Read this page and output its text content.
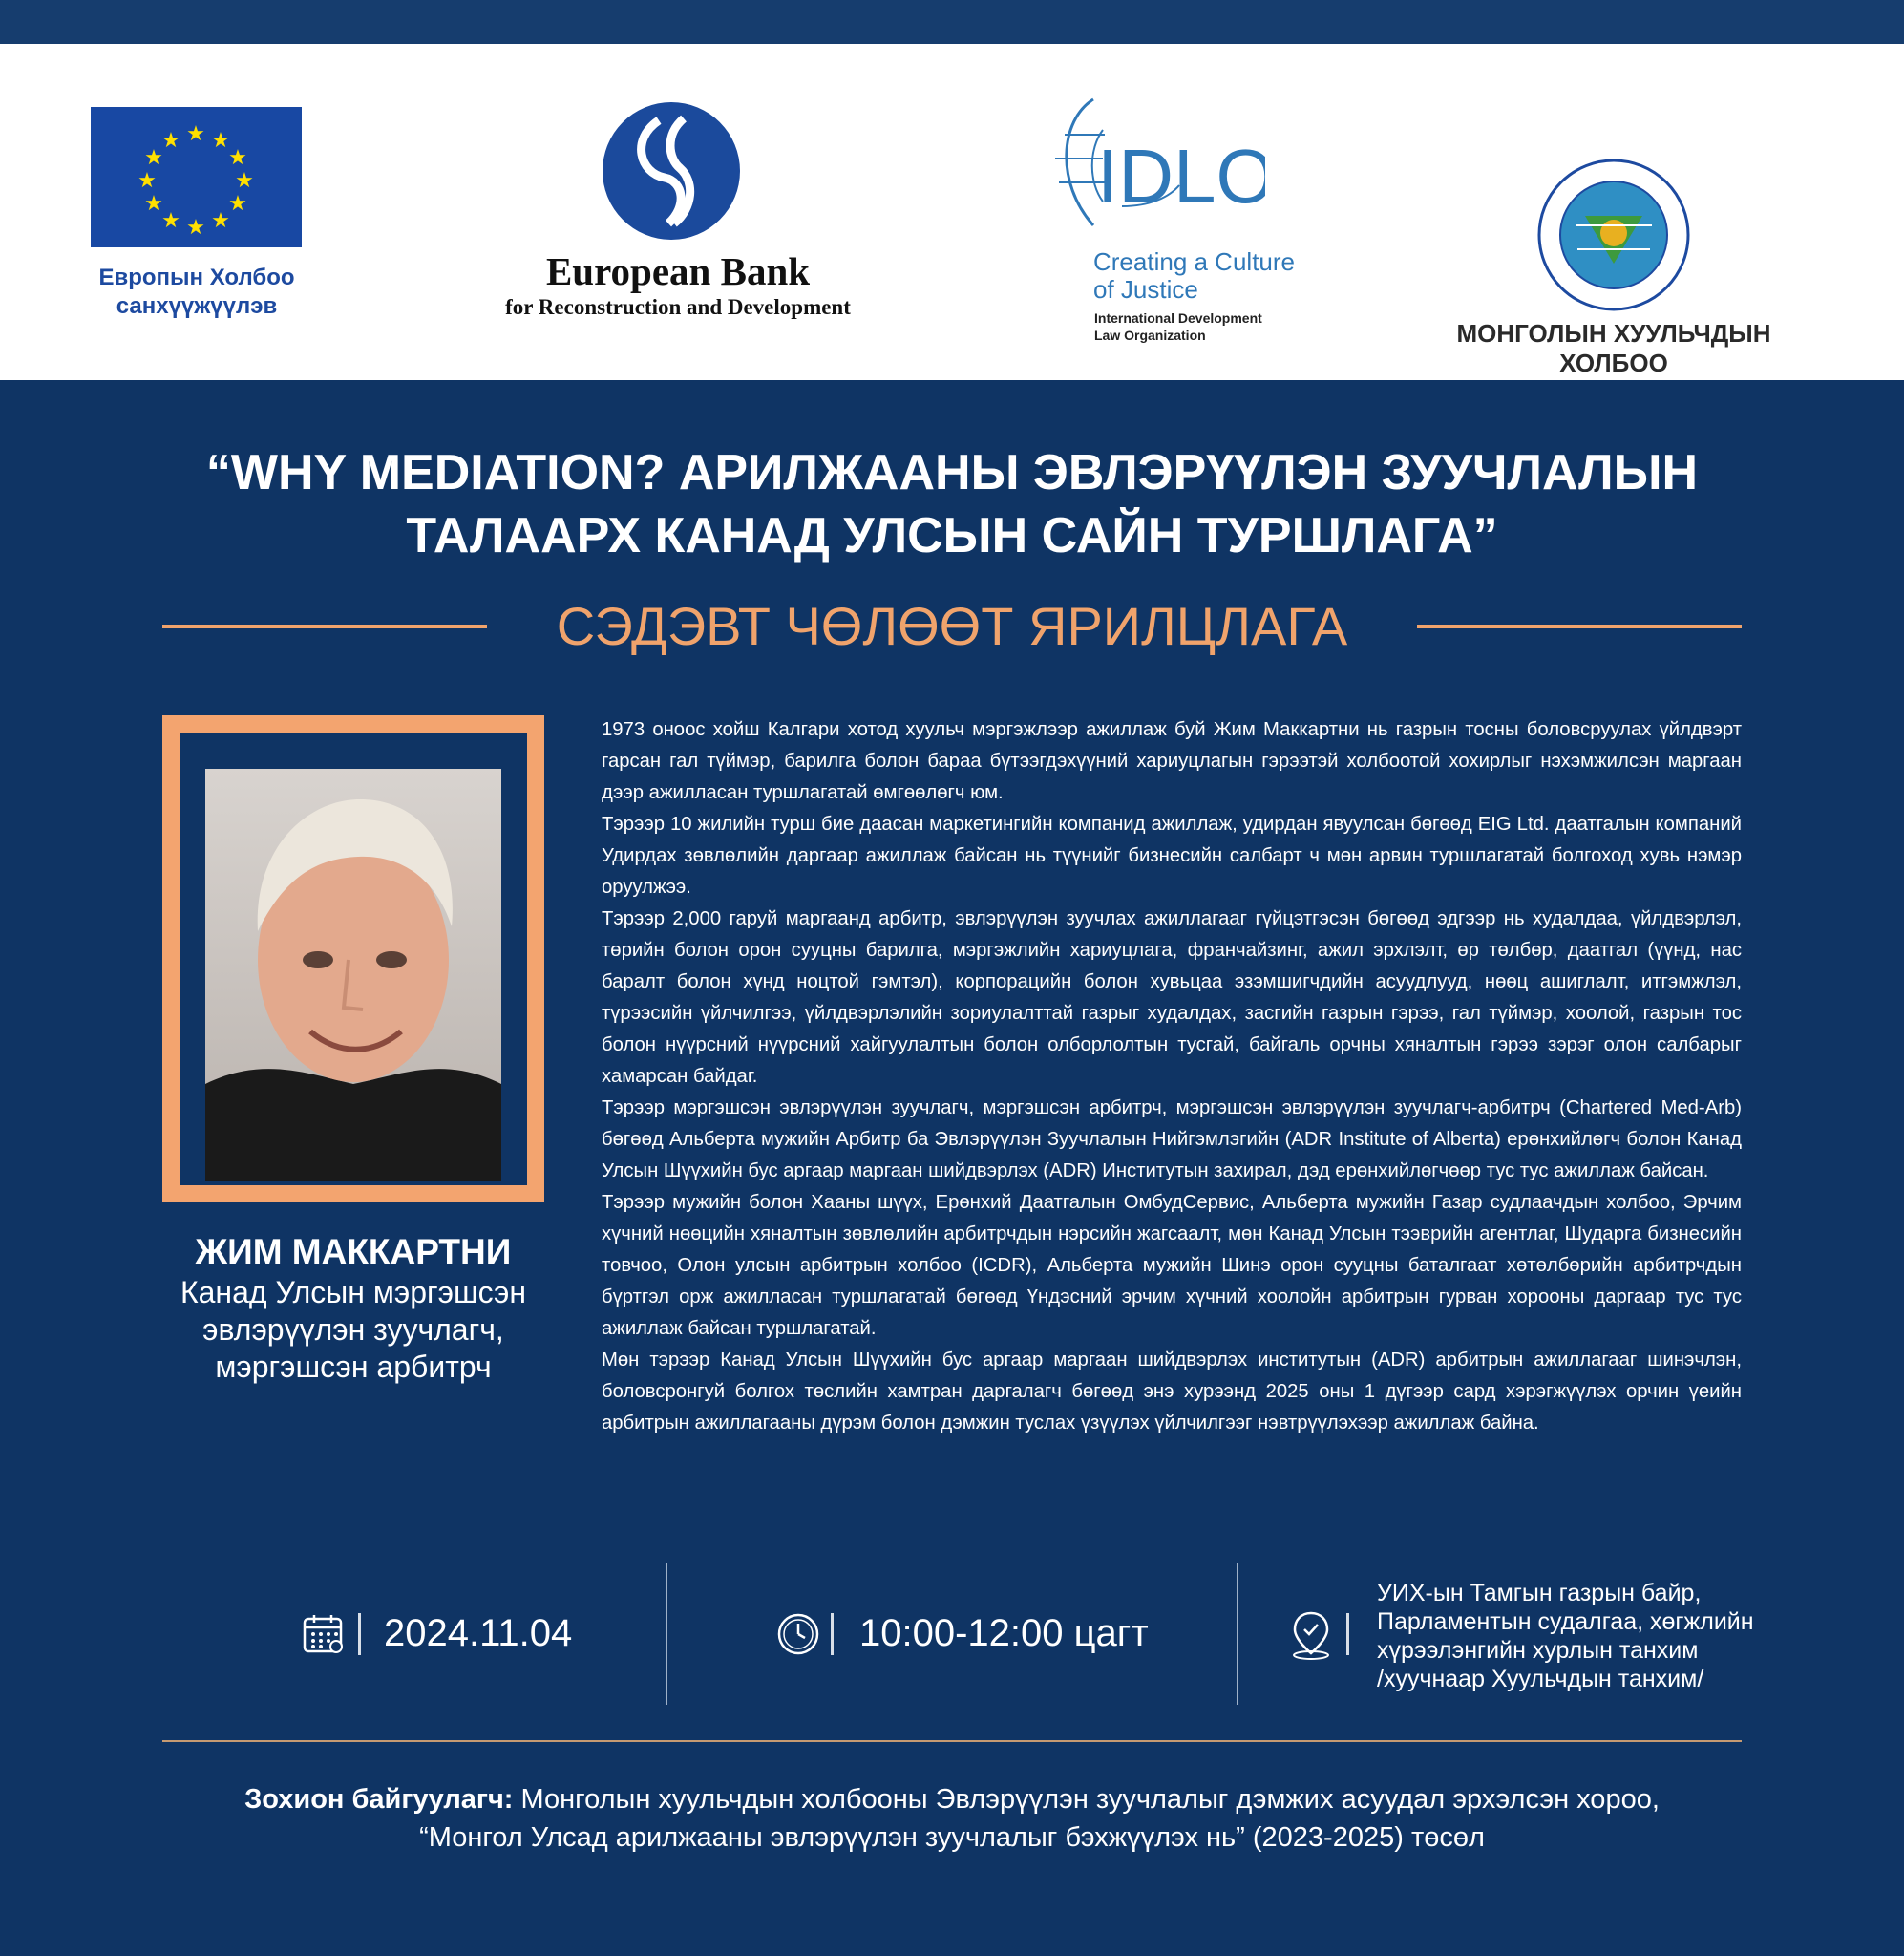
★ ★
★
★
★
★
★
★
★
★
★
★
Европын Холбоо санхүүжүүлэв
European Bank
for Reconstruction and Development
IDLO
Creating a Culture
of Justice
International Development
Law Organization	МОНГОЛЫН ХУУЛЬЧДЫН
ХОЛБОО
“WHY MEDIATION? АРИЛЖААНЫ ЭВЛЭРҮҮЛЭН ЗУУЧЛАЛЫН
ТАЛААРХ КАНАД УЛСЫН САЙН ТУРШЛАГА”
СЭДЭВТ ЧӨЛӨӨТ ЯРИЛЦЛАГА
ЖИМ МАККАРТНИ
Канад Улсын мэргэшсэн
эвлэрүүлэн зуучлагч,
мэргэшсэн арбитрч

1973 оноос хойш Калгари хотод хуульч мэргэжлээр ажиллаж буй Жим Маккартни нь газрын тосны боловсруулах үйлдвэрт гарсан гал түймэр, барилга болон бараа бүтээгдэхүүний хариуцлагын гэрээтэй холбоотой хохирлыг нэхэмжилсэн маргаан дээр ажилласан туршлагатай өмгөөлөгч юм.

Тэрээр 10 жилийн турш бие даасан маркетингийн компанид ажиллаж, удирдан явуулсан бөгөөд EIG Ltd. даатгалын компаний Удирдах зөвлөлийн даргаар ажиллаж байсан нь түүнийг бизнесийн салбарт ч мөн арвин туршлагатай болгоход хувь нэмэр оруулжээ.

Тэрээр 2,000 гаруй маргаанд арбитр, эвлэрүүлэн зуучлах ажиллагааг гүйцэтгэсэн бөгөөд эдгээр нь худалдаа, үйлдвэрлэл, төрийн болон орон сууцны барилга, мэргэжлийн хариуцлага, франчайзинг, ажил эрхлэлт, өр төлбөр, даатгал (үүнд, нас баралт болон хүнд ноцтой гэмтэл), корпорацийн болон хувьцаа эзэмшигчдийн асуудлууд, нөөц ашиглалт, итгэмжлэл, түрээсийн үйлчилгээ, үйлдвэрлэлийн зориулалттай газрыг худалдах, засгийн газрын гэрээ, гал түймэр, хоолой, газрын тос болон нүүрсний нүүрсний хайгуулалтын болон олборлолтын тусгай, байгаль орчны хяналтын гэрээ зэрэг олон салбарыг хамарсан байдаг.

Тэрээр мэргэшсэн эвлэрүүлэн зуучлагч, мэргэшсэн арбитрч, мэргэшсэн эвлэрүүлэн зуучлагч-арбитрч (Chartered Med-Arb) бөгөөд Альберта мужийн Арбитр ба Эвлэрүүлэн Зуучлалын Нийгэмлэгийн (ADR Institute of Alberta) ерөнхийлөгч болон Канад Улсын Шүүхийн бус аргаар маргаан шийдвэрлэх (ADR) Институтын захирал, дэд ерөнхийлөгчөөр тус тус ажиллаж байсан.

Тэрээр мужийн болон Хааны шүүх, Ерөнхий Даатгалын ОмбудСервис, Альберта мужийн Газар судлаачдын холбоо, Эрчим хүчний нөөцийн хяналтын зөвлөлийн арбитрчдын нэрсийн жагсаалт, мөн Канад Улсын тээврийн агентлаг, Шударга бизнесийн товчоо, Олон улсын арбитрын холбоо (ICDR), Альберта мужийн Шинэ орон сууцны баталгаат хөтөлбөрийн арбитрчдын бүртгэл орж ажилласан туршлагатай бөгөөд Үндэсний эрчим хүчний хоолойн арбитрын гурван хорооны даргаар тус тус ажиллаж байсан туршлагатай.

Мөн тэрээр Канад Улсын Шүүхийн бус аргаар маргаан шийдвэрлэх институтын (ADR) арбитрын ажиллагааг шинэчлэн, боловсронгуй болгох төслийн хамтран даргалагч бөгөөд энэ хурээнд 2025 оны 1 дүгээр сард хэрэгжүүлэх орчин үеийн арбитрын ажиллагааны дүрэм болон дэмжин туслах үзүүлэх үйлчилгээг нэвтрүүлэхээр ажиллаж байна.

2024.11.04	10:00-12:00 цагт
УИХ-ын Тамгын газрын байр,
Парламентын судалгаа, хөгжлийн
хүрээлэнгийн хурлын танхим
/хуучнаар Хуульчдын танхим/
Зохион байгуулагч: Монголын хуульчдын холбооны Эвлэрүүлэн зуучлалыг дэмжих асуудал эрхэлсэн хороо,
“Монгол Улсад арилжааны эвлэрүүлэн зуучлалыг бэхжүүлэх нь” (2023-2025) төсөл
